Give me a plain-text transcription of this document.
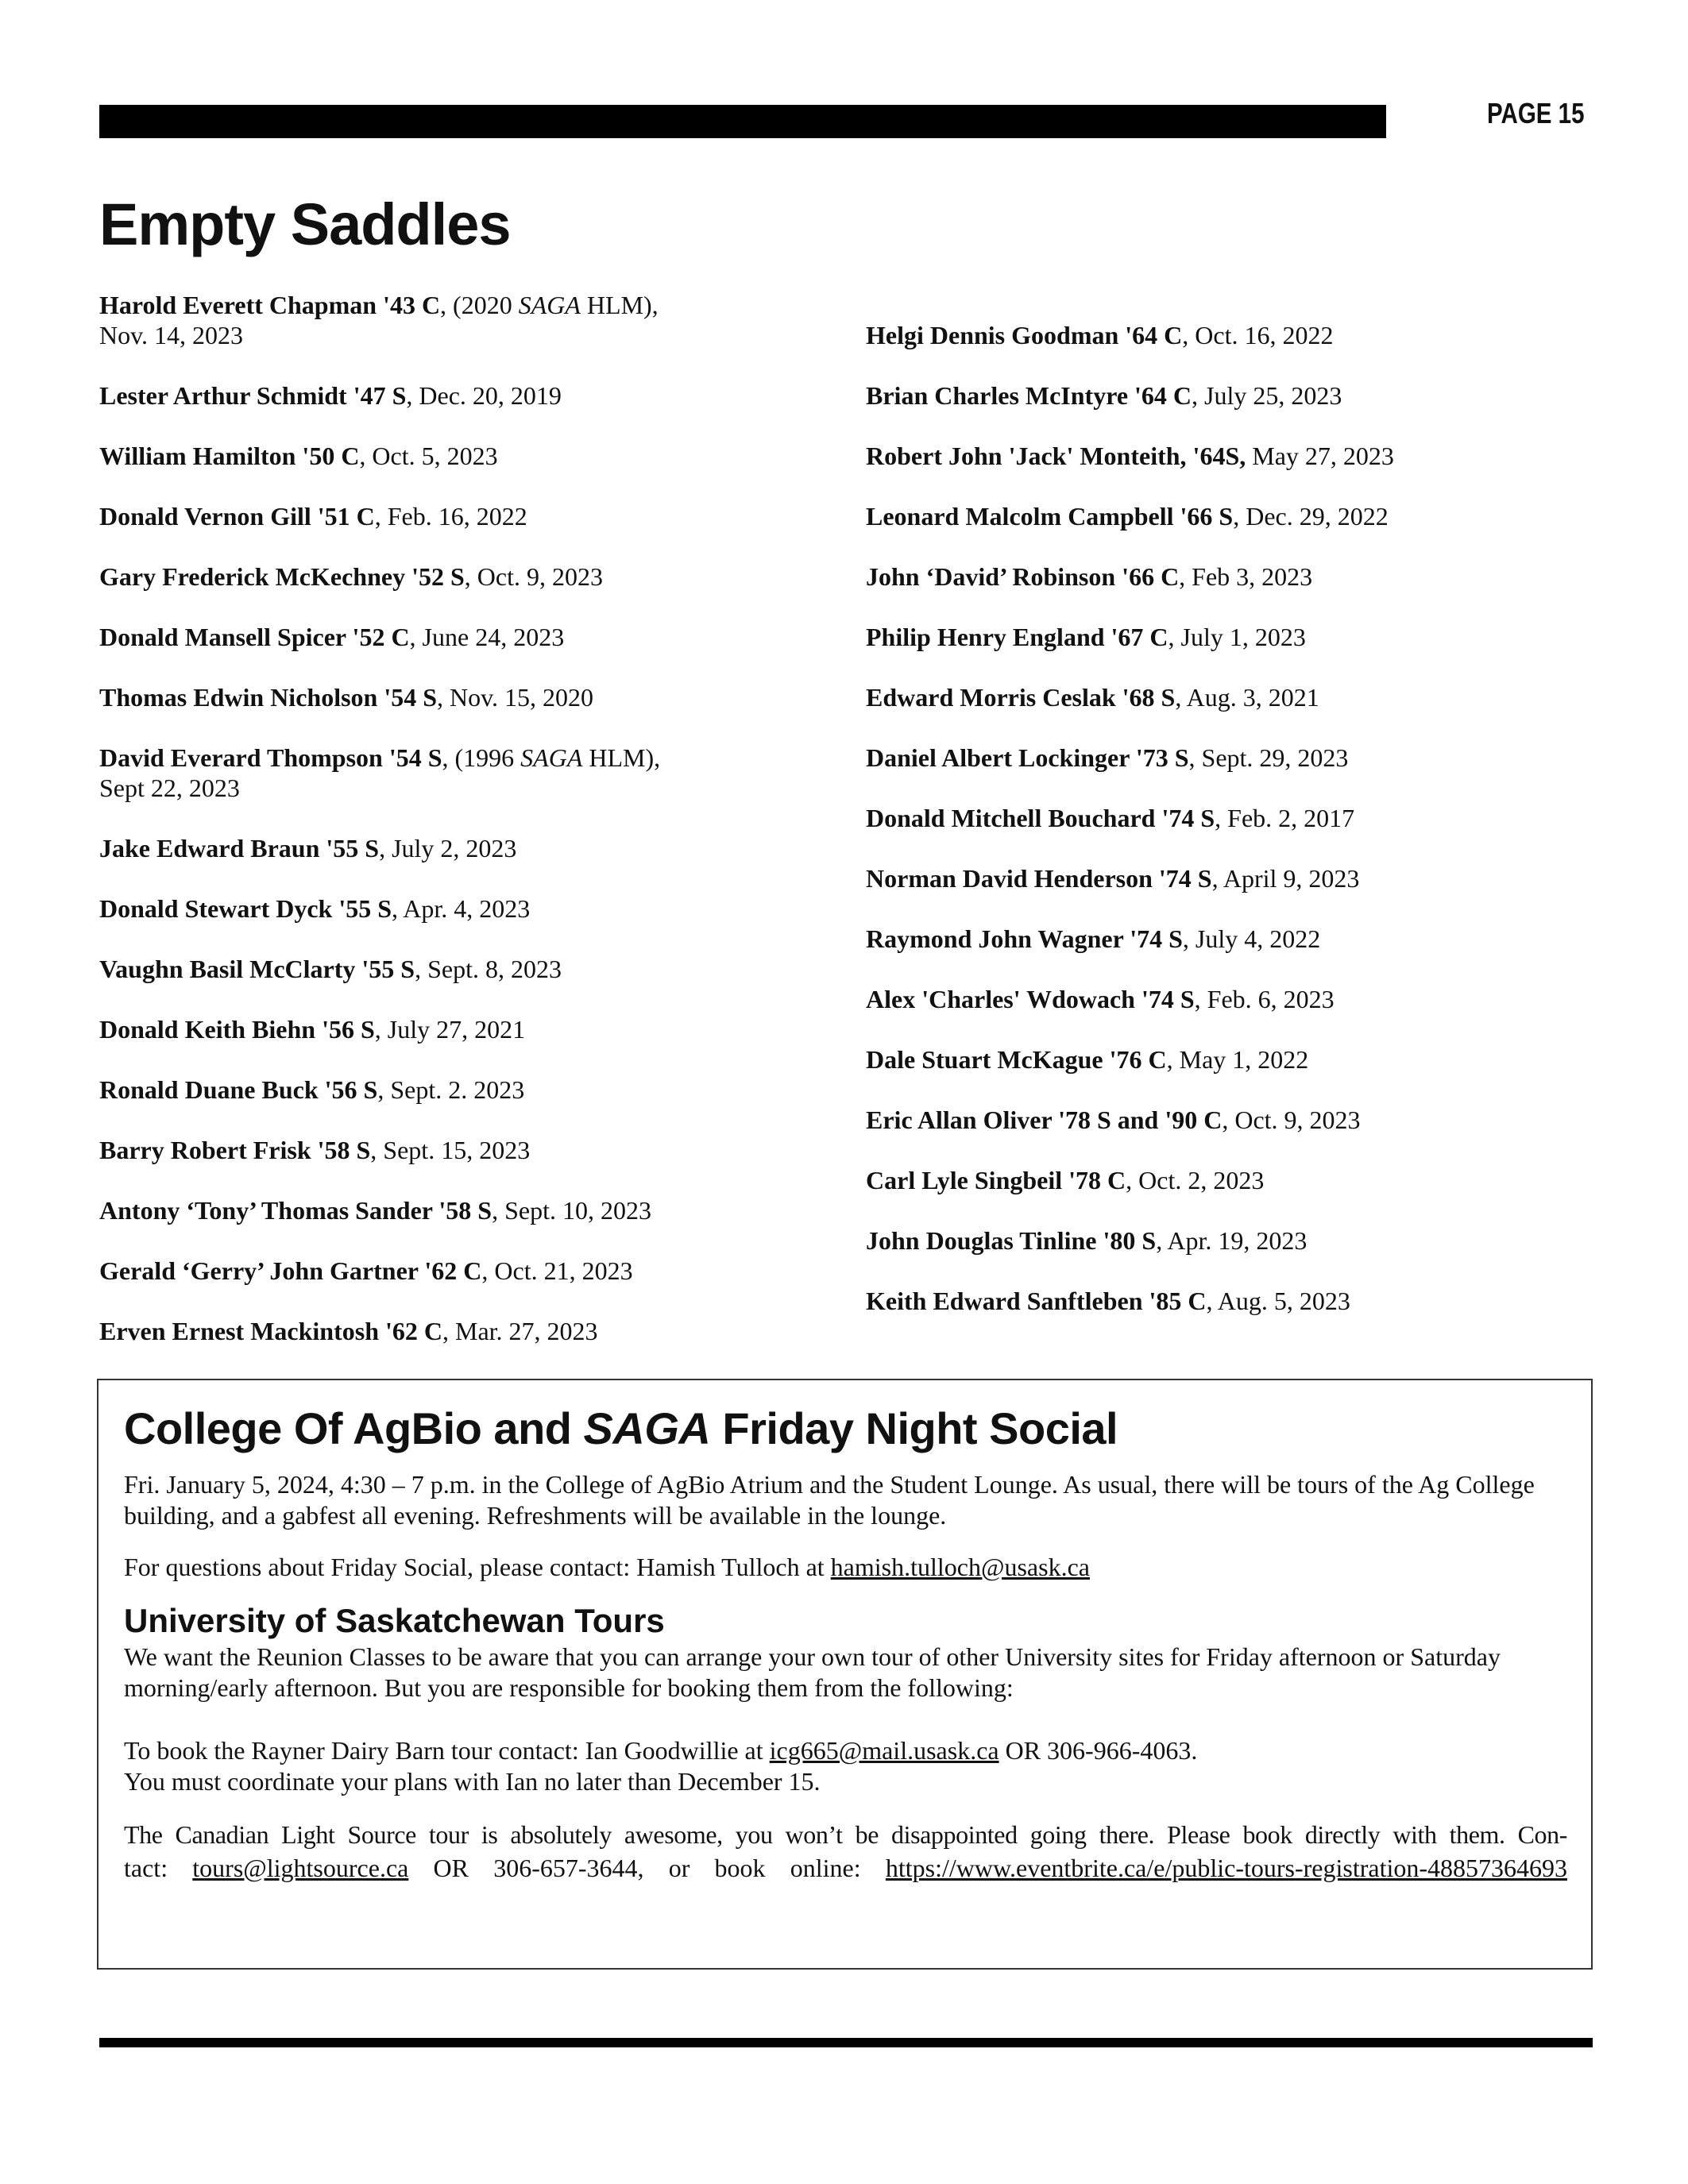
PAGE 15
Empty Saddles

Harold Everett Chapman '43 C, (2020 SAGA HLM),
Nov. 14, 2023

Lester Arthur Schmidt '47 S, Dec. 20, 2019

William Hamilton '50 C, Oct. 5, 2023

Donald Vernon Gill '51 C, Feb. 16, 2022

Gary Frederick McKechney '52 S, Oct. 9, 2023

Donald Mansell Spicer '52 C, June 24, 2023

Thomas Edwin Nicholson '54 S, Nov. 15, 2020

David Everard Thompson '54 S, (1996 SAGA HLM),
Sept 22, 2023

Jake Edward Braun '55 S, July 2, 2023

Donald Stewart Dyck '55 S, Apr. 4, 2023

Vaughn Basil McClarty '55 S, Sept. 8, 2023

Donald Keith Biehn '56 S, July 27, 2021

Ronald Duane Buck '56 S, Sept. 2. 2023

Barry Robert Frisk '58 S, Sept. 15, 2023

Antony ‘Tony’ Thomas Sander '58 S, Sept. 10, 2023

Gerald ‘Gerry’ John Gartner '62 C, Oct. 21, 2023

Erven Ernest Mackintosh '62 C, Mar. 27, 2023

Helgi Dennis Goodman '64 C, Oct. 16, 2022

Brian Charles McIntyre '64 C, July 25, 2023

Robert John 'Jack' Monteith, '64S, May 27, 2023

Leonard Malcolm Campbell '66 S, Dec. 29, 2022

John ‘David’ Robinson '66 C, Feb 3, 2023

Philip Henry England '67 C, July 1, 2023

Edward Morris Ceslak '68 S, Aug. 3, 2021

Daniel Albert Lockinger '73 S, Sept. 29, 2023

Donald Mitchell Bouchard '74 S, Feb. 2, 2017

Norman David Henderson '74 S, April 9, 2023

Raymond John Wagner '74 S, July 4, 2022

Alex 'Charles' Wdowach '74 S, Feb. 6, 2023

Dale Stuart McKague '76 C, May 1, 2022

Eric Allan Oliver '78 S and '90 C, Oct. 9, 2023

Carl Lyle Singbeil '78 C, Oct. 2, 2023

John Douglas Tinline '80 S, Apr. 19, 2023

Keith Edward Sanftleben '85 C, Aug. 5, 2023

College Of AgBio and SAGA Friday Night Social

Fri. January 5, 2024, 4:30 – 7 p.m. in the College of AgBio Atrium and the Student Lounge. As usual, there will be tours of the Ag College building, and a gabfest all evening. Refreshments will be available in the lounge.

For questions about Friday Social, please contact: Hamish Tulloch at hamish.tulloch@usask.ca

University of Saskatchewan Tours

We want the Reunion Classes to be aware that you can arrange your own tour of other University sites for Friday afternoon or Saturday morning/early afternoon. But you are responsible for booking them from the following:

To book the Rayner Dairy Barn tour contact: Ian Goodwillie at icg665@mail.usask.ca OR 306-966-4063.
You must coordinate your plans with Ian no later than December 15.

The Canadian Light Source tour is absolutely awesome, you won’t be disappointed going there. Please book directly with them. Con-

tact: tours@lightsource.ca OR 306-657-3644, or book online: https://www.eventbrite.ca/e/public-tours-registration-48857364693
